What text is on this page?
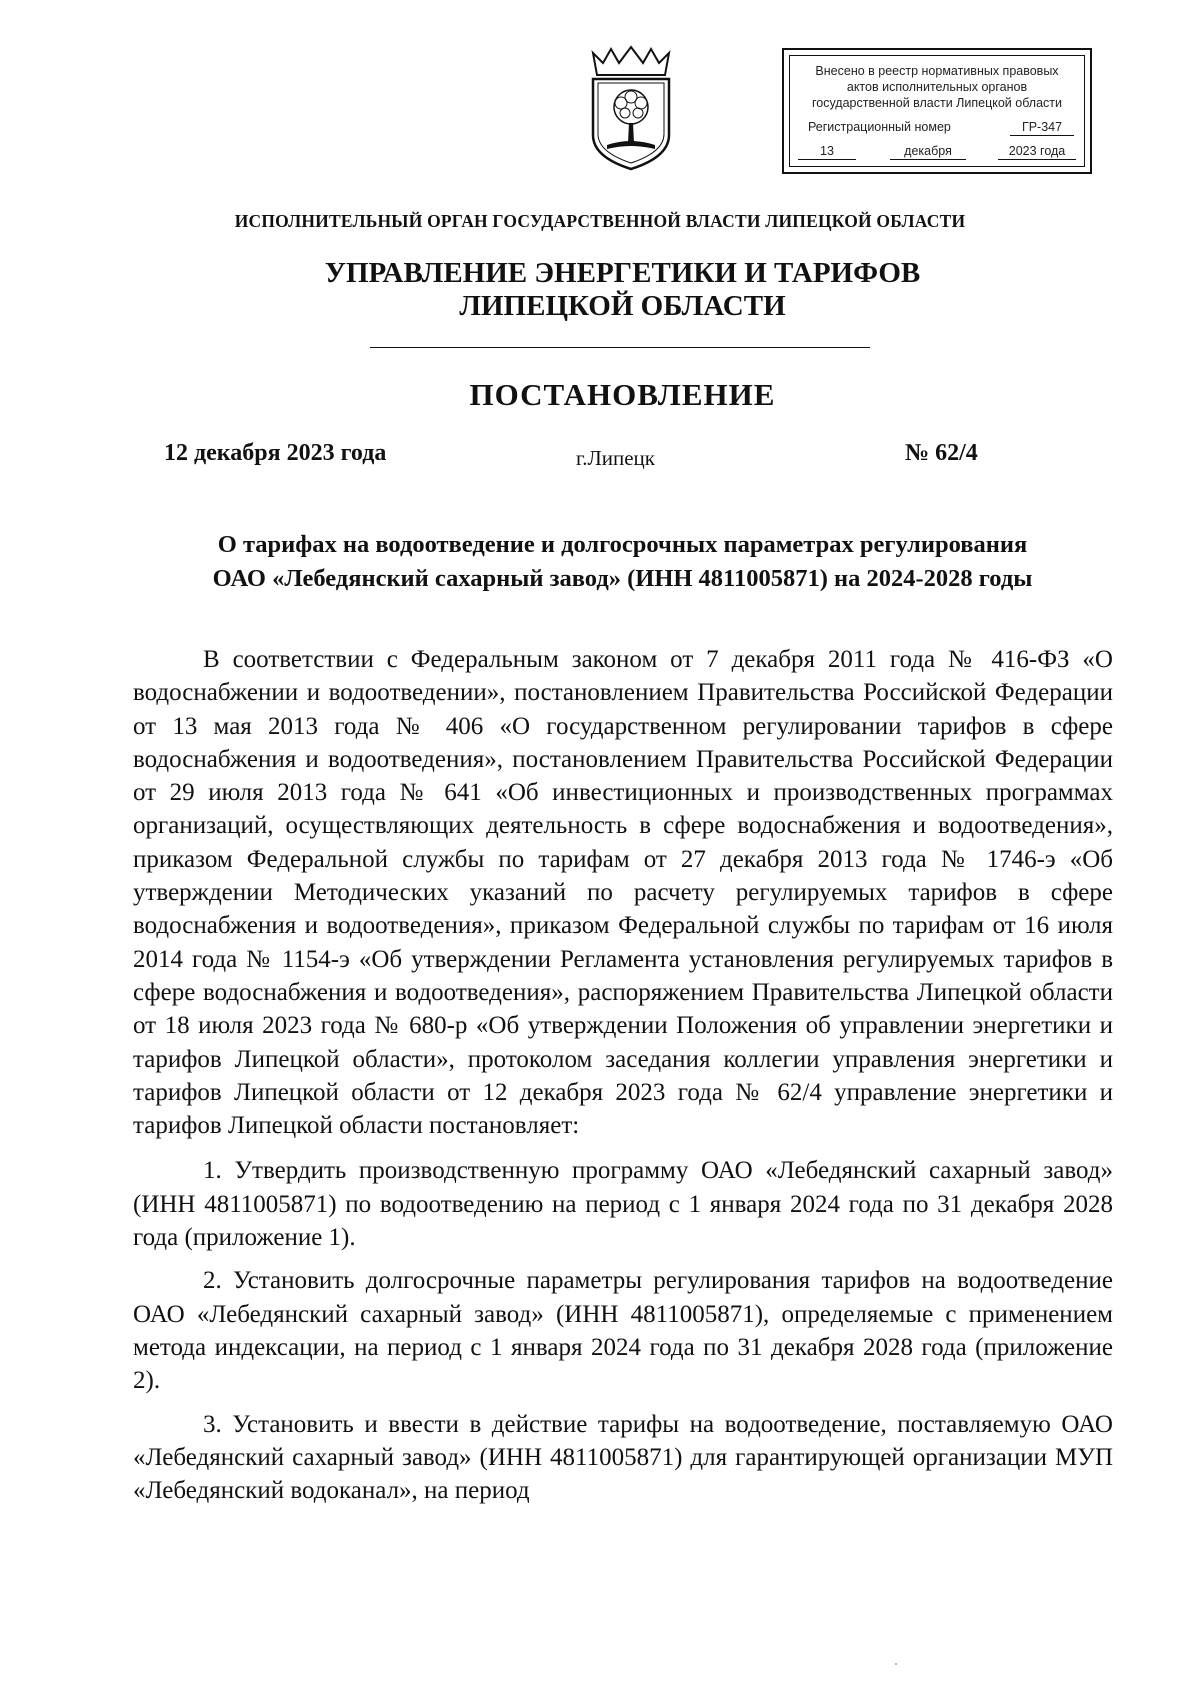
Внесено в реестр нормативных правовых
актов исполнительных органов
государственной власти Липецкой области
Регистрационный номер	ГР-347
13	декабря	2023 года
ИСПОЛНИТЕЛЬНЫЙ ОРГАН ГОСУДАРСТВЕННОЙ ВЛАСТИ ЛИПЕЦКОЙ ОБЛАСТИ
УПРАВЛЕНИЕ ЭНЕРГЕТИКИ И ТАРИФОВ
ЛИПЕЦКОЙ ОБЛАСТИ
ПОСТАНОВЛЕНИЕ
12 декабря 2023 года	г.Липецк	№ 62/4
О тарифах на водоотведение и долгосрочных параметрах регулирования
ОАО «Лебедянский сахарный завод» (ИНН 4811005871) на 2024-2028 годы

В соответствии с Федеральным законом от 7 декабря 2011 года № 416-ФЗ «О водоснабжении и водоотведении», постановлением Правительства Российской Федерации от 13 мая 2013 года № 406 «О государственном регулировании тарифов в сфере водоснабжения и водоотведения», постановлением Правительства Российской Федерации от 29 июля 2013 года № 641 «Об инвестиционных и производственных программах организаций, осуществляющих деятельность в сфере водоснабжения и водоотведения», приказом Федеральной службы по тарифам от 27 декабря 2013 года № 1746-э «Об утверждении Методических указаний по расчету регулируемых тарифов в сфере водоснабжения и водоотведения», приказом Федеральной службы по тарифам от 16 июля 2014 года № 1154-э «Об утверждении Регламента установления регулируемых тарифов в сфере водоснабжения и водоотведения», распоряжением Правительства Липецкой области от 18 июля 2023 года № 680-р «Об утверждении Положения об управлении энергетики и тарифов Липецкой области», протоколом заседания коллегии управления энергетики и тарифов Липецкой области от 12 декабря 2023 года № 62/4 управление энергетики и тарифов Липецкой области постановляет:

1. Утвердить производственную программу ОАО «Лебедянский сахарный завод» (ИНН 4811005871) по водоотведению на период с 1 января 2024 года по 31 декабря 2028 года (приложение 1).

2. Установить долгосрочные параметры регулирования тарифов на водоотведение ОАО «Лебедянский сахарный завод» (ИНН 4811005871), определяемые с применением метода индексации, на период с 1 января 2024 года по 31 декабря 2028 года (приложение 2).

3. Установить и ввести в действие тарифы на водоотведение, поставляемую ОАО «Лебедянский сахарный завод» (ИНН 4811005871) для гарантирующей организации МУП «Лебедянский водоканал», на период
